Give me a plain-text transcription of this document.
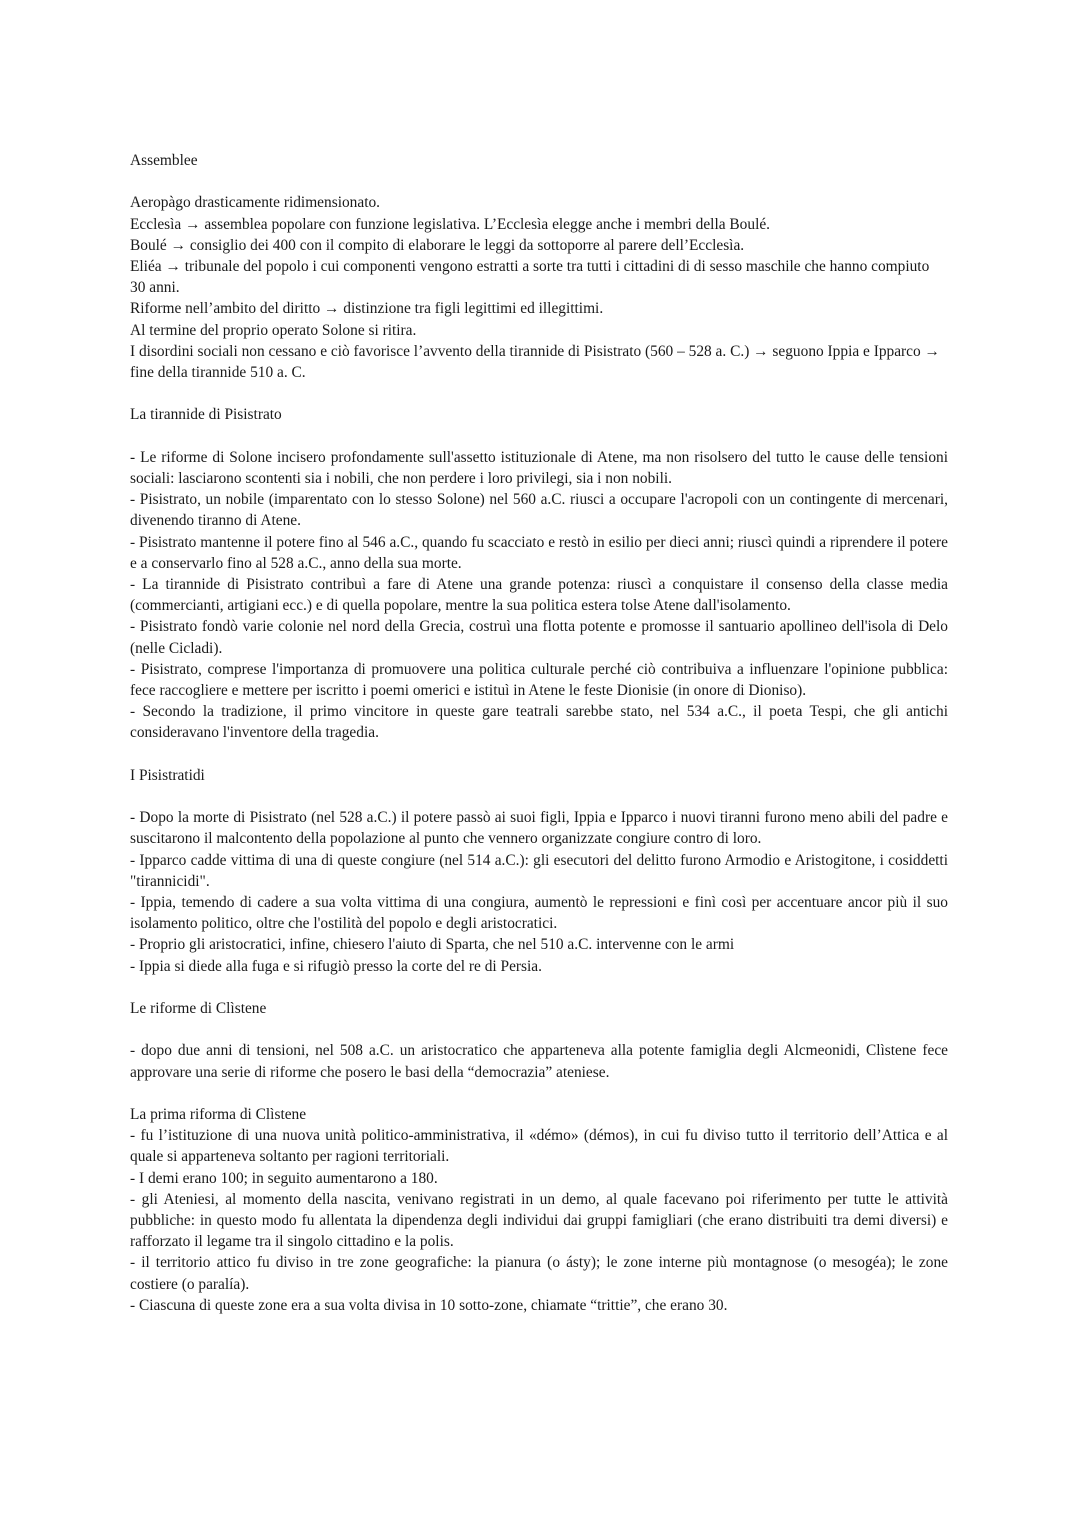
Assemblee

Aeropàgo drasticamente ridimensionato.

Ecclesìa → assemblea popolare con funzione legislativa. L’Ecclesìa elegge anche i membri della Boulé.

Boulé → consiglio dei 400 con il compito di elaborare le leggi da sottoporre al parere dell’Ecclesìa.

Eliéa → tribunale del popolo i cui componenti vengono estratti a sorte tra tutti i cittadini di di sesso maschile che hanno compiuto 30 anni.

Riforme nell’ambito del diritto → distinzione tra figli legittimi ed illegittimi.

Al termine del proprio operato Solone si ritira.

I disordini sociali non cessano e ciò favorisce l’avvento della tirannide di Pisistrato (560 – 528 a. C.) → seguono Ippia e Ipparco → fine della tirannide 510 a. C.

La tirannide di Pisistrato

- Le riforme di Solone incisero profondamente sull'assetto istituzionale di Atene, ma non risolsero del tutto le cause delle tensioni sociali: lasciarono scontenti sia i nobili, che non perdere i loro privilegi, sia i non nobili.

- Pisistrato, un nobile (imparentato con lo stesso Solone) nel 560 a.C. riusci a occupare l'acropoli con un contingente di mercenari, divenendo tiranno di Atene.

- Pisistrato mantenne il potere fino al 546 a.C., quando fu scacciato e restò in esilio per dieci anni; riuscì quindi a riprendere il potere e a conservarlo fino al 528 a.C., anno della sua morte.

- La tirannide di Pisistrato contribuì a fare di Atene una grande potenza: riuscì a conquistare il consenso della classe media (commercianti, artigiani ecc.) e di quella popolare, mentre la sua politica estera tolse Atene dall'isolamento.

- Pisistrato fondò varie colonie nel nord della Grecia, costruì una flotta potente e promosse il santuario apollineo dell'isola di Delo (nelle Cicladi).

- Pisistrato, comprese l'importanza di promuovere una politica culturale perché ciò contribuiva a influenzare l'opinione pubblica: fece raccogliere e mettere per iscritto i poemi omerici e istituì in Atene le feste Dionisie (in onore di Dioniso).

- Secondo la tradizione, il primo vincitore in queste gare teatrali sarebbe stato, nel 534 a.C., il poeta Tespi, che gli antichi consideravano l'inventore della tragedia.

I Pisistratidi

- Dopo la morte di Pisistrato (nel 528 a.C.) il potere passò ai suoi figli, Ippia e Ipparco i nuovi tiranni furono meno abili del padre e suscitarono il malcontento della popolazione al punto che vennero organizzate congiure contro di loro.

- Ipparco cadde vittima di una di queste congiure (nel 514 a.C.): gli esecutori del delitto furono Armodio e Aristogitone, i cosiddetti "tirannicidi".

- Ippia, temendo di cadere a sua volta vittima di una congiura, aumentò le repressioni e finì così per accentuare ancor più il suo isolamento politico, oltre che l'ostilità del popolo e degli aristocratici.

- Proprio gli aristocratici, infine, chiesero l'aiuto di Sparta, che nel 510 a.C. intervenne con le armi

- Ippia si diede alla fuga e si rifugiò presso la corte del re di Persia.

Le riforme di Clìstene

- dopo due anni di tensioni, nel 508 a.C. un aristocratico che apparteneva alla potente famiglia degli Alcmeonidi, Clìstene fece approvare una serie di riforme che posero le basi della “democrazia” ateniese.

La prima riforma di Clìstene

- fu l’istituzione di una nuova unità politico-amministrativa, il «démo» (démos), in cui fu diviso tutto il territorio dell’Attica e al quale si apparteneva soltanto per ragioni territoriali.

- I demi erano 100; in seguito aumentarono a 180.

- gli Ateniesi, al momento della nascita, venivano registrati in un demo, al quale facevano poi riferimento per tutte le attività pubbliche: in questo modo fu allentata la dipendenza degli individui dai gruppi famigliari (che erano distribuiti tra demi diversi) e rafforzato il legame tra il singolo cittadino e la polis.

- il territorio attico fu diviso in tre zone geografiche: la pianura (o ásty); le zone interne più montagnose (o mesogéa); le zone costiere (o paralía).

- Ciascuna di queste zone era a sua volta divisa in 10 sotto-zone, chiamate “trittie”, che erano 30.
